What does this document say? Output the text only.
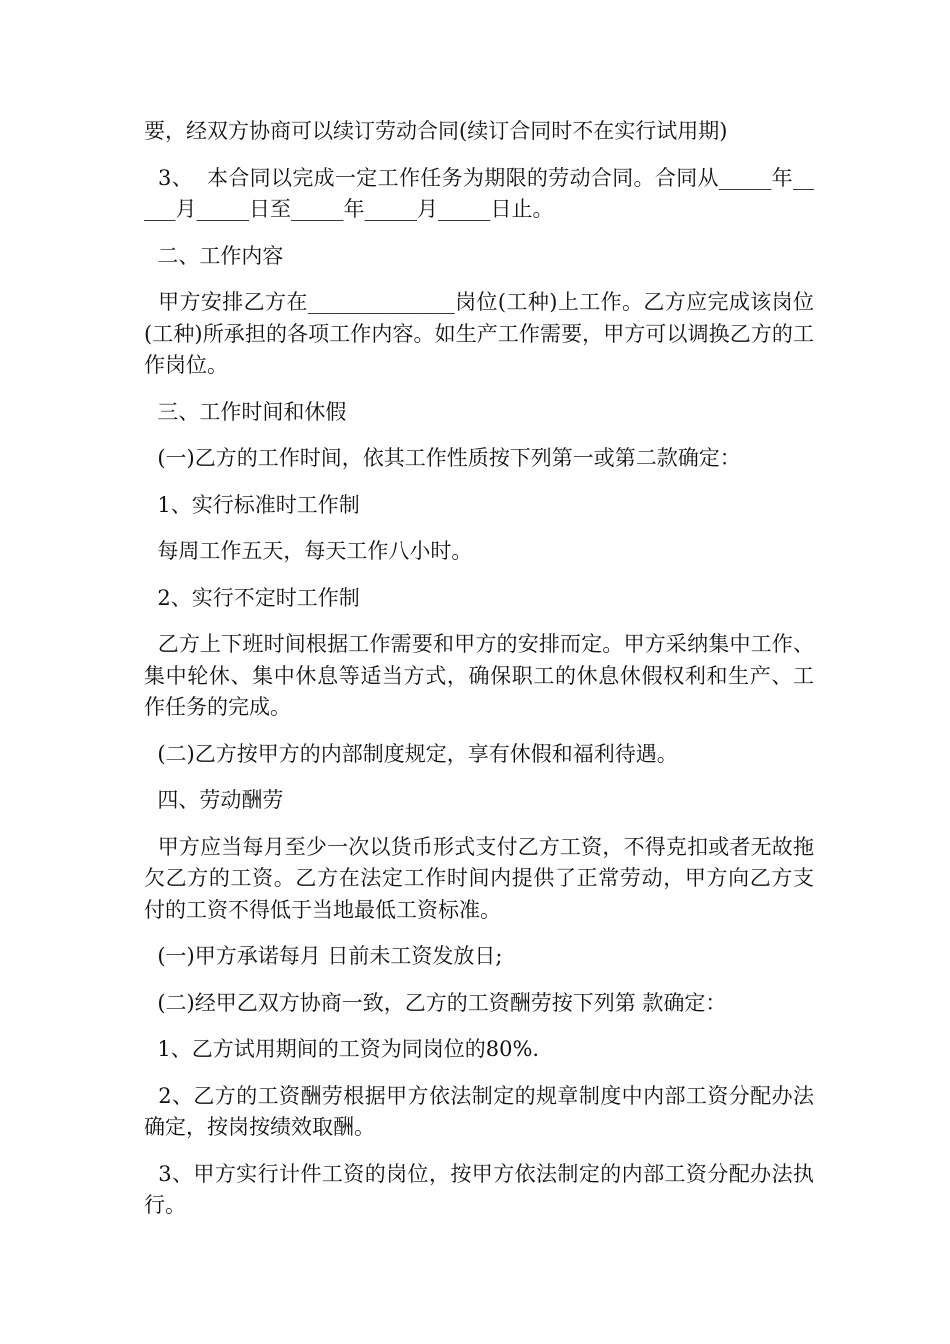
要，经双方协商可以续订劳动合同(续订合同时不在实行试用期)

3、  本合同以完成一定工作任务为期限的劳动合同。合同从_____年_____月_____日至_____年_____月_____日止。

二、工作内容

甲方安排乙方在______________岗位(工种)上工作。乙方应完成该岗位(工种)所承担的各项工作内容。如生产工作需要，甲方可以调换乙方的工作岗位。

三、工作时间和休假

(一)乙方的工作时间，依其工作性质按下列第一或第二款确定：

1、实行标准时工作制

每周工作五天，每天工作八小时。

2、实行不定时工作制

乙方上下班时间根据工作需要和甲方的安排而定。甲方采纳集中工作、集中轮休、集中休息等适当方式，确保职工的休息休假权利和生产、工作任务的完成。

(二)乙方按甲方的内部制度规定，享有休假和福利待遇。

四、劳动酬劳

甲方应当每月至少一次以货币形式支付乙方工资，不得克扣或者无故拖欠乙方的工资。乙方在法定工作时间内提供了正常劳动，甲方向乙方支付的工资不得低于当地最低工资标准。

(一)甲方承诺每月 日前未工资发放日;

(二)经甲乙双方协商一致，乙方的工资酬劳按下列第 款确定：

1、乙方试用期间的工资为同岗位的80%.

2、乙方的工资酬劳根据甲方依法制定的规章制度中内部工资分配办法确定，按岗按绩效取酬。

3、甲方实行计件工资的岗位，按甲方依法制定的内部工资分配办法执行。
